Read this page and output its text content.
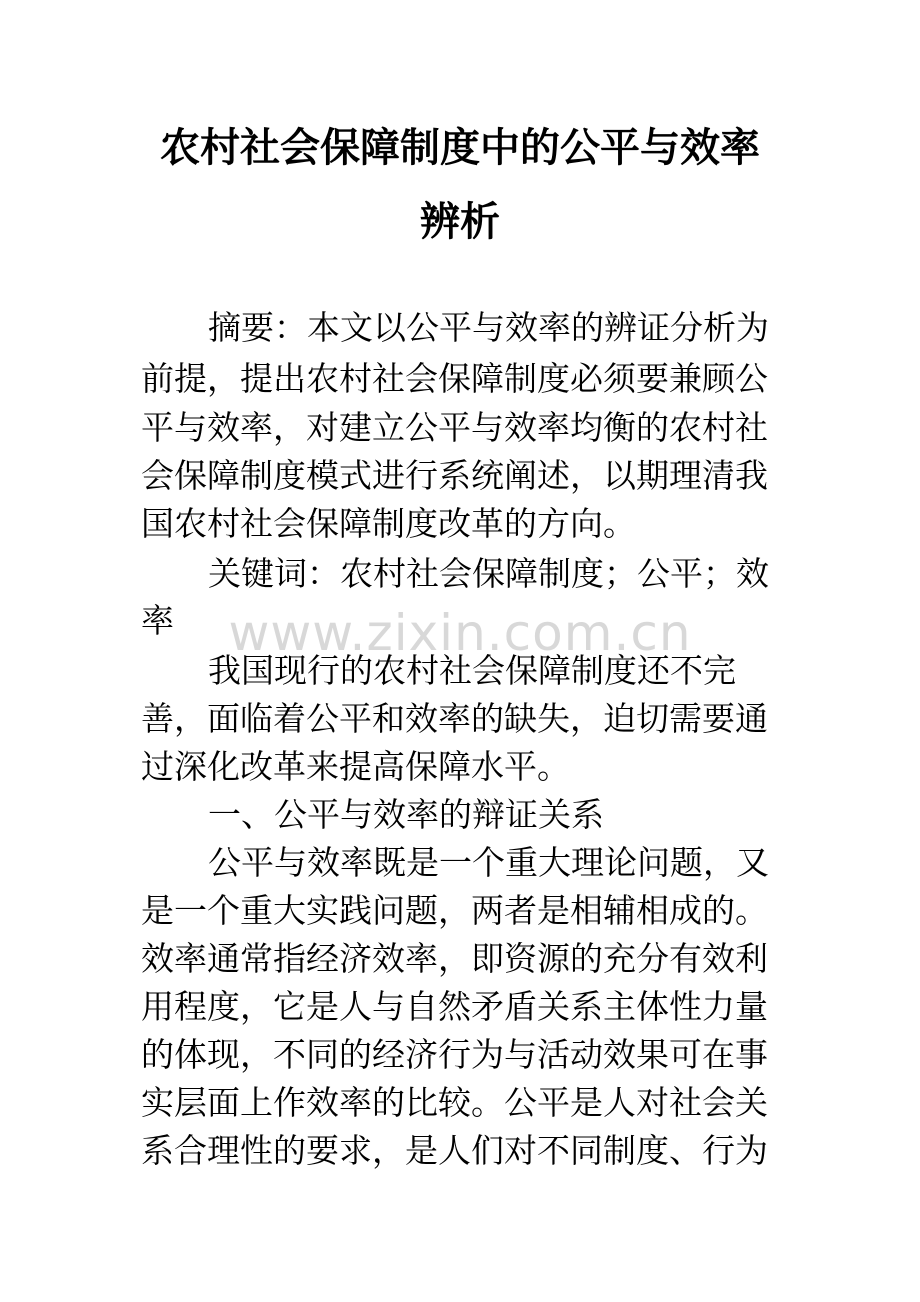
农村社会保障制度中的公平与效率
辨析

摘要：本文以公平与效率的辨证分析为

前提，提出农村社会保障制度必须要兼顾公

平与效率，对建立公平与效率均衡的农村社

会保障制度模式进行系统阐述，以期理清我

国农村社会保障制度改革的方向。

关键词：农村社会保障制度；公平；效

率

我国现行的农村社会保障制度还不完

善，面临着公平和效率的缺失，迫切需要通

过深化改革来提高保障水平。

一、公平与效率的辩证关系

公平与效率既是一个重大理论问题，又

是一个重大实践问题，两者是相辅相成的。

效率通常指经济效率，即资源的充分有效利

用程度，它是人与自然矛盾关系主体性力量

的体现，不同的经济行为与活动效果可在事

实层面上作效率的比较。公平是人对社会关

系合理性的要求，是人们对不同制度、行为

www.zixin.com.cn
